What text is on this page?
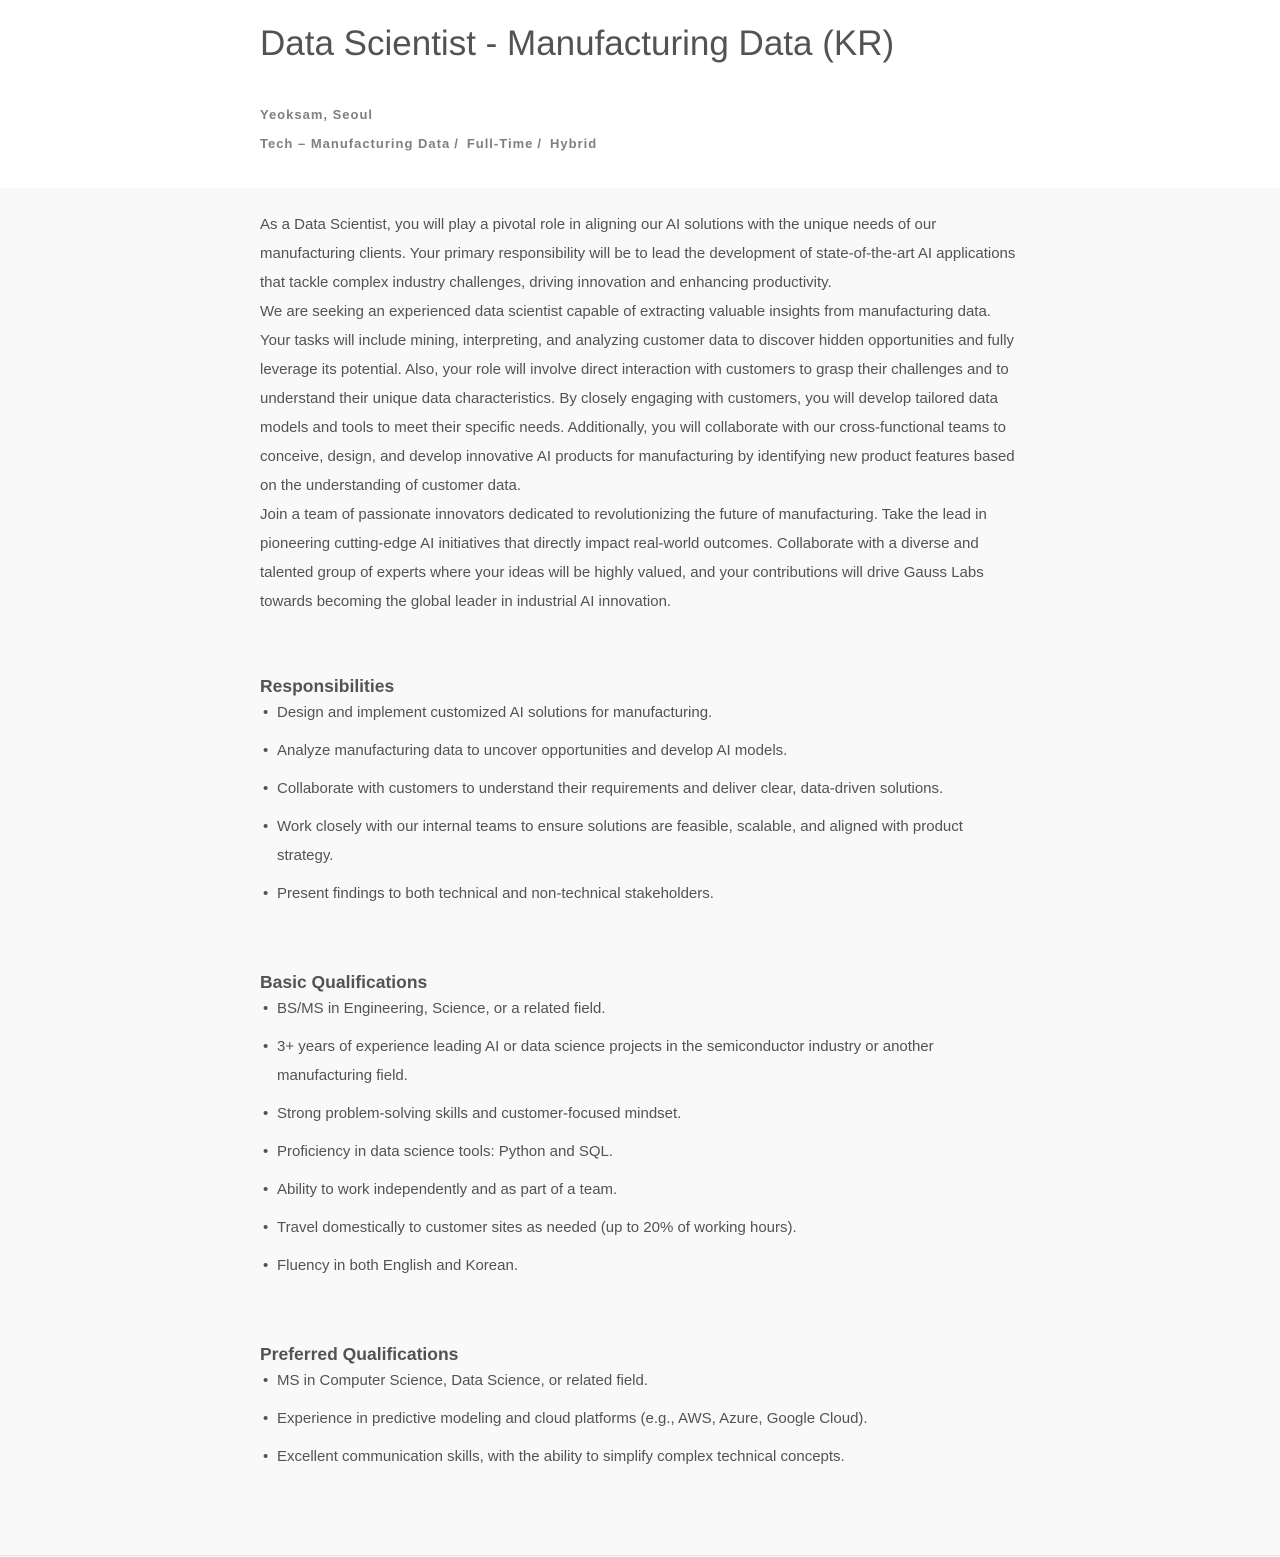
Data Scientist - Manufacturing Data (KR)
Yeoksam, Seoul
Tech – Manufacturing Data / Full-Time / Hybrid

As a Data Scientist, you will play a pivotal role in aligning our AI solutions with the unique needs of our manufacturing clients. Your primary responsibility will be to lead the development of state-of-the-art AI applications that tackle complex industry challenges, driving innovation and enhancing productivity.

We are seeking an experienced data scientist capable of extracting valuable insights from manufacturing data. Your tasks will include mining, interpreting, and analyzing customer data to discover hidden opportunities and fully leverage its potential. Also, your role will involve direct interaction with customers to grasp their challenges and to understand their unique data characteristics. By closely engaging with customers, you will develop tailored data models and tools to meet their specific needs. Additionally, you will collaborate with our cross-functional teams to conceive, design, and develop innovative AI products for manufacturing by identifying new product features based on the understanding of customer data.

Join a team of passionate innovators dedicated to revolutionizing the future of manufacturing. Take the lead in pioneering cutting-edge AI initiatives that directly impact real-world outcomes. Collaborate with a diverse and talented group of experts where your ideas will be highly valued, and your contributions will drive Gauss Labs towards becoming the global leader in industrial AI innovation.

Responsibilities
• Design and implement customized AI solutions for manufacturing.
• Analyze manufacturing data to uncover opportunities and develop AI models.
• Collaborate with customers to understand their requirements and deliver clear, data-driven solutions.
• Work closely with our internal teams to ensure solutions are feasible, scalable, and aligned with product strategy.
• Present findings to both technical and non-technical stakeholders.
Basic Qualifications
• BS/MS in Engineering, Science, or a related field.
• 3+ years of experience leading AI or data science projects in the semiconductor industry or another manufacturing field.
• Strong problem-solving skills and customer-focused mindset.
• Proficiency in data science tools: Python and SQL.
• Ability to work independently and as part of a team.
• Travel domestically to customer sites as needed (up to 20% of working hours).
• Fluency in both English and Korean.
Preferred Qualifications
• MS in Computer Science, Data Science, or related field.
• Experience in predictive modeling and cloud platforms (e.g., AWS, Azure, Google Cloud).
• Excellent communication skills, with the ability to simplify complex technical concepts.
